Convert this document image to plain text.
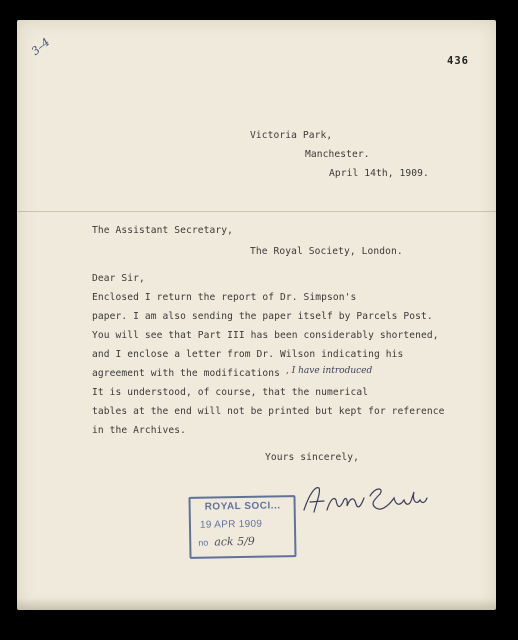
3–4
436
Victoria Park,
Manchester.
April 14th, 1909.
The Assistant Secretary,
The Royal Society, London.
Dear Sir,
Enclosed I return the report of Dr. Simpson's
paper. I am also sending the paper itself by Parcels Post.
You will see that Part III has been considerably shortened,
and I enclose a letter from Dr. Wilson indicating his
agreement with the modifications , I have introduced
It is understood, of course, that the numerical
tables at the end will not be printed but kept for reference
in the Archives.
Yours sincerely,
ROYAL SOCI...
19 APR 1909
no ack 5/9
